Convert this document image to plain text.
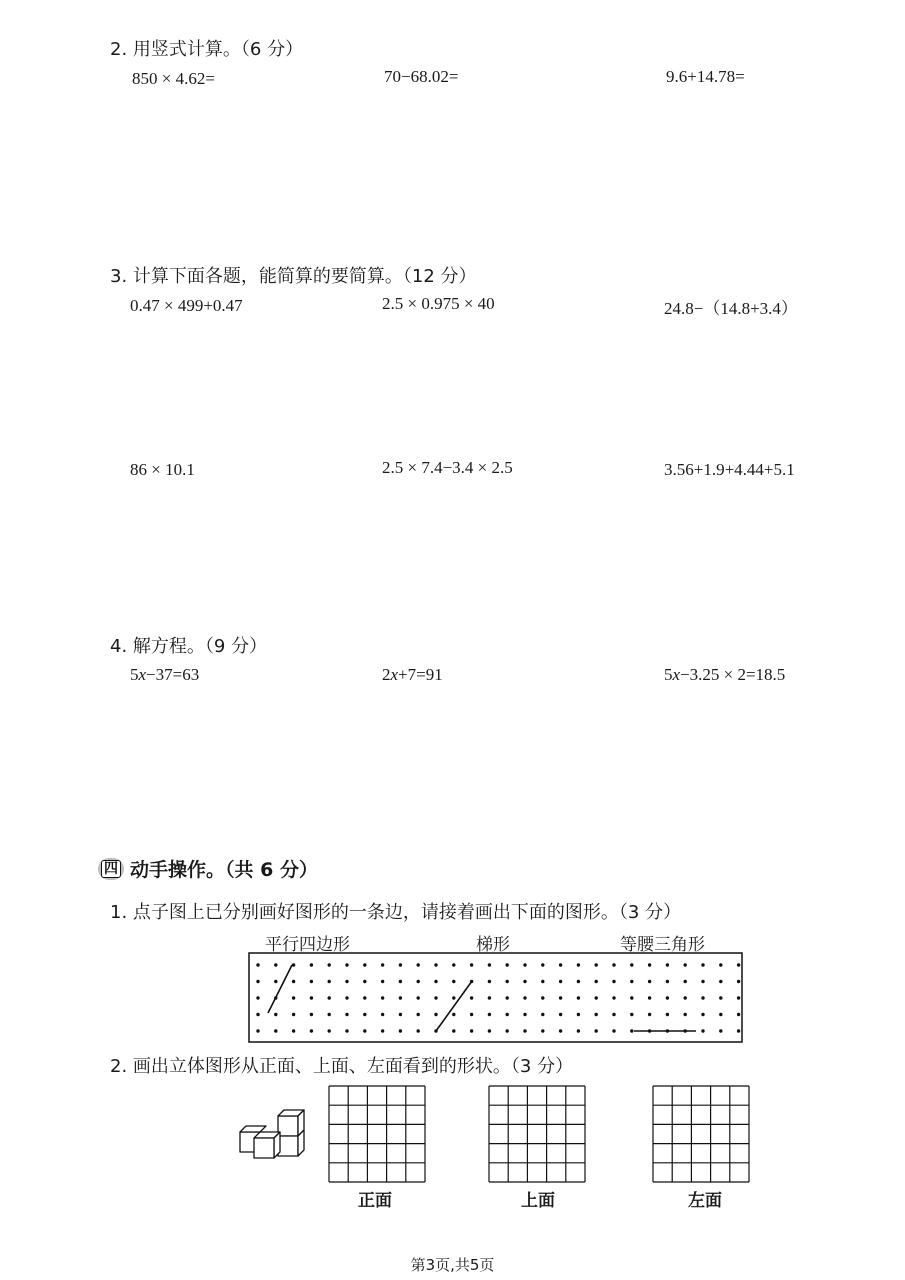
2. 用竖式计算。（6 分）
850 × 4.62=	70−68.02=	9.6+14.78=
3. 计算下面各题，能简算的要简算。（12 分）
0.47 × 499+0.47	2.5 × 0.975 × 40	24.8−（14.8+3.4）
86 × 10.1	2.5 × 7.4−3.4 × 2.5	3.56+1.9+4.44+5.1
4. 解方程。（9 分）
5x−37=63	2x+7=91	5x−3.25 × 2=18.5
四 动手操作。（共 6 分）
1. 点子图上已分别画好图形的一条边，请接着画出下面的图形。（3 分）
平行四边形	梯形	等腰三角形
2. 画出立体图形从正面、上面、左面看到的形状。（3 分）
正面	上面	左面
第3页,共5页
